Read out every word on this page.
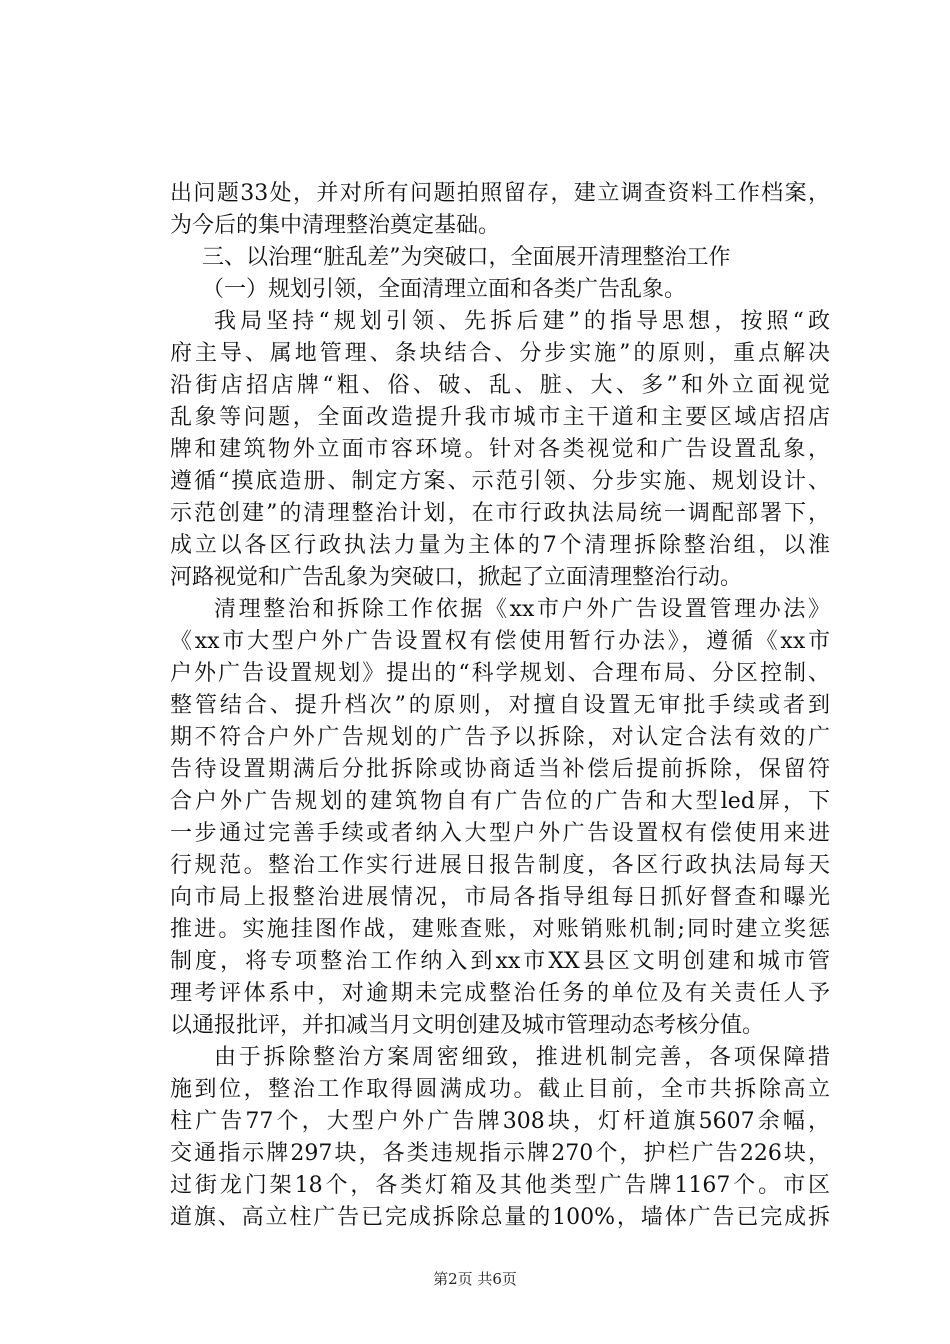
出问题33处，并对所有问题拍照留存，建立调查资料工作档案，
为今后的集中清理整治奠定基础。
三、以治理“脏乱差”为突破口，全面展开清理整治工作
（一）规划引领，全面清理立面和各类广告乱象。
我局坚持“规划引领、先拆后建”的指导思想，按照“政
府主导、属地管理、条块结合、分步实施”的原则，重点解决
沿街店招店牌“粗、俗、破、乱、脏、大、多”和外立面视觉
乱象等问题，全面改造提升我市城市主干道和主要区域店招店
牌和建筑物外立面市容环境。针对各类视觉和广告设置乱象，
遵循“摸底造册、制定方案、示范引领、分步实施、规划设计、
示范创建”的清理整治计划，在市行政执法局统一调配部署下，
成立以各区行政执法力量为主体的7个清理拆除整治组，以淮
河路视觉和广告乱象为突破口，掀起了立面清理整治行动。
清理整治和拆除工作依据《xx市户外广告设置管理办法》
《xx市大型户外广告设置权有偿使用暂行办法》，遵循《xx市
户外广告设置规划》提出的“科学规划、合理布局、分区控制、
整管结合、提升档次”的原则，对擅自设置无审批手续或者到
期不符合户外广告规划的广告予以拆除，对认定合法有效的广
告待设置期满后分批拆除或协商适当补偿后提前拆除，保留符
合户外广告规划的建筑物自有广告位的广告和大型led屏，下
一步通过完善手续或者纳入大型户外广告设置权有偿使用来进
行规范。整治工作实行进展日报告制度，各区行政执法局每天
向市局上报整治进展情况，市局各指导组每日抓好督查和曝光
推进。实施挂图作战，建账查账，对账销账机制;同时建立奖惩
制度，将专项整治工作纳入到xx市XX县区文明创建和城市管
理考评体系中，对逾期未完成整治任务的单位及有关责任人予
以通报批评，并扣减当月文明创建及城市管理动态考核分值。
由于拆除整治方案周密细致，推进机制完善，各项保障措
施到位，整治工作取得圆满成功。截止目前，全市共拆除高立
柱广告77个，大型户外广告牌308块，灯杆道旗5607余幅，
交通指示牌297块，各类违规指示牌270个，护栏广告226块，
过街龙门架18个，各类灯箱及其他类型广告牌1167个。市区
道旗、高立柱广告已完成拆除总量的100%，墙体广告已完成拆
第2页 共6页
